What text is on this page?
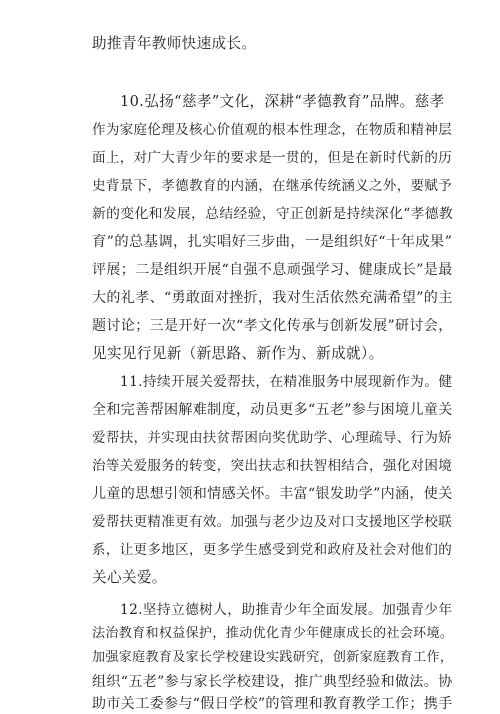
助推青年教师快速成长。
10.弘扬“慈孝”文化，深耕“孝德教育”品牌。慈孝
作为家庭伦理及核心价值观的根本性理念，在物质和精神层
面上，对广大青少年的要求是一贯的，但是在新时代新的历
史背景下，孝德教育的内涵，在继承传统涵义之外，要赋予
新的变化和发展，总结经验，守正创新是持续深化“孝德教
育”的总基调，扎实唱好三步曲，一是组织好“十年成果”
评展；二是组织开展“自强不息顽强学习、健康成长”是最
大的礼孝、“勇敢面对挫折，我对生活依然充满希望”的主
题讨论；三是开好一次“孝文化传承与创新发展”研讨会，
见实见行见新（新思路、新作为、新成就）。
11.持续开展关爱帮扶，在精准服务中展现新作为。健
全和完善帮困解难制度，动员更多“五老”参与困境儿童关
爱帮扶，并实现由扶贫帮困向奖优助学、心理疏导、行为矫
治等关爱服务的转变，突出扶志和扶智相结合，强化对困境
儿童的思想引领和情感关怀。丰富“银发助学”内涵，使关
爱帮扶更精准更有效。加强与老少边及对口支援地区学校联
系，让更多地区，更多学生感受到党和政府及社会对他们的
关心关爱。
12.坚持立德树人，助推青少年全面发展。加强青少年
法治教育和权益保护，推动优化青少年健康成长的社会环境。
加强家庭教育及家长学校建设实践研究，创新家庭教育工作，
组织“五老”参与家长学校建设，推广典型经验和做法。协
助市关工委参与“假日学校”的管理和教育教学工作；携手
